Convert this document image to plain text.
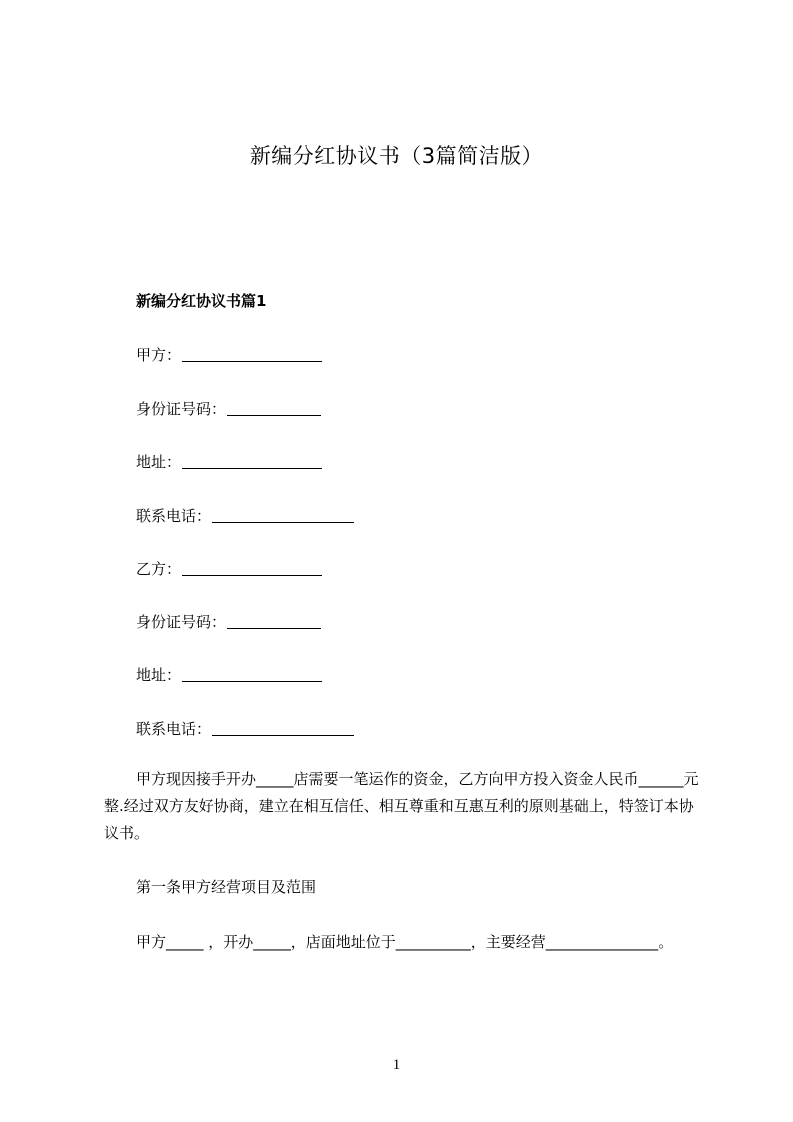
新编分红协议书（3篇简洁版）
新编分红协议书篇1
甲方：
身份证号码：
地址：
联系电话：
乙方：
身份证号码：
地址：
联系电话：
甲方现因接手开办_____店需要一笔运作的资金，乙方向甲方投入资金人民币______元整.经过双方友好协商，建立在相互信任、相互尊重和互惠互利的原则基础上，特签订本协议书。
第一条甲方经营项目及范围
甲方_____ ，开办_____，店面地址位于__________，主要经营_______________。
1
